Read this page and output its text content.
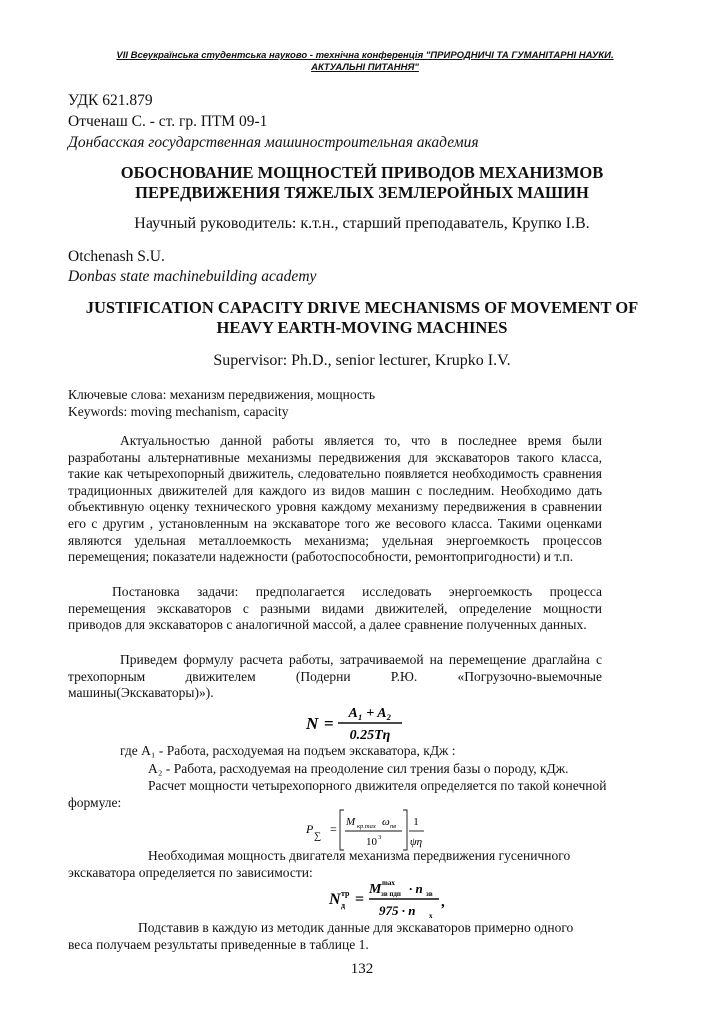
VII Всеукраїнська студентська науково - технічна конференція "ПРИРОДНИЧІ ТА ГУМАНІТАРНІ НАУКИ. АКТУАЛЬНІ ПИТАННЯ"
УДК 621.879
Отченаш С. - ст. гр. ПТМ 09-1
Донбасская государственная машиностроительная академия
ОБОСНОВАНИЕ МОЩНОСТЕЙ ПРИВОДОВ МЕХАНИЗМОВ ПЕРЕДВИЖЕНИЯ ТЯЖЕЛЫХ ЗЕМЛЕРОЙНЫХ МАШИН
Научный руководитель: к.т.н., старший преподаватель, Крупко І.В.
Otchenash S.U.
Donbas state machinebuilding academy
JUSTIFICATION CAPACITY DRIVE MECHANISMS OF MOVEMENT OF HEAVY EARTH-MOVING MACHINES
Supervisor: Ph.D., senior lecturer, Krupko I.V.
Ключевые слова: механизм передвижения, мощность
Keywords: moving mechanism, capacity
Актуальностью данной работы является то, что в последнее время были разработаны альтернативные механизмы передвижения для экскаваторов такого класса, такие как четырехопорный движитель, следовательно появляется необходимость сравнения традиционных движителей для каждого из видов машин с последним. Необходимо дать объективную оценку технического уровня каждому механизму передвижения в сравнении его с другим , установленным на экскаваторе того же весового класса. Такими оценками являются удельная металлоемкость механизма; удельная энергоемкость процессов перемещения; показатели надежности (работоспособности, ремонтопригодности) и т.п.
Постановка задачи: предполагается исследовать энергоемкость процесса перемещения экскаваторов с разными видами движителей, определение мощности приводов для экскаваторов с аналогичной массой, а далее сравнение полученных данных.
Приведем формулу расчета работы, затрачиваемой на перемещение драглайна с трехопорным движителем (Подерни Р.Ю. «Погрузочно-выемочные машины(Экскаваторы)»).
N =
A₁ + A₂
0.25Tη
где А₁ - Работа, расходуемая на подъем экскаватора, кДж :
А₂ - Работа, расходуемая на преодоление сил трения базы о породу, кДж.
Расчет мощности четырехопорного движителя определяется по такой конечной
формуле:
P
∑
= M кр.max ω пв
10 3
1
ψη
Необходимая мощность двигателя механизма передвижения гусеничного
экскаватора определяется по зависимости:
N тр
д =
M max
зв пдп · n зв
975 · n x
,
Подставив в каждую из методик данные для экскаваторов примерно одного
веса получаем результаты приведенные в таблице 1.
132
